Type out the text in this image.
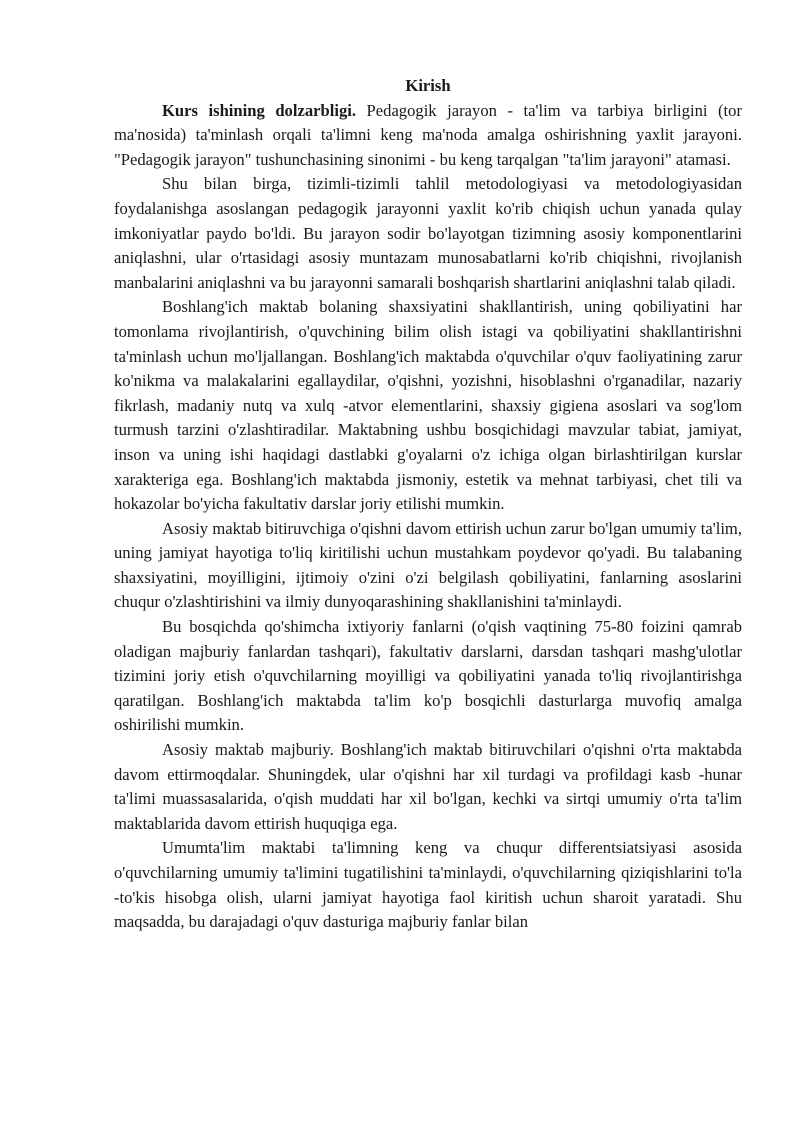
Kirish

Kurs ishining dolzarbligi. Pedagogik jarayon - ta'lim va tarbiya birligini (tor ma'nosida) ta'minlash orqali ta'limni keng ma'noda amalga oshirishning yaxlit jarayoni. "Pedagogik jarayon" tushunchasining sinonimi - bu keng tarqalgan "ta'lim jarayoni" atamasi.

Shu bilan birga, tizimli-tizimli tahlil metodologiyasi va metodologiyasidan foydalanishga asoslangan pedagogik jarayonni yaxlit ko'rib chiqish uchun yanada qulay imkoniyatlar paydo bo'ldi. Bu jarayon sodir bo'layotgan tizimning asosiy komponentlarini aniqlashni, ular o'rtasidagi asosiy muntazam munosabatlarni ko'rib chiqishni, rivojlanish manbalarini aniqlashni va bu jarayonni samarali boshqarish shartlarini aniqlashni talab qiladi.

Boshlang'ich maktab bolaning shaxsiyatini shakllantirish, uning qobiliyatini har tomonlama rivojlantirish, o'quvchining bilim olish istagi va qobiliyatini shakllantirishni ta'minlash uchun mo'ljallangan. Boshlang'ich maktabda o'quvchilar o'quv faoliyatining zarur ko'nikma va malakalarini egallaydilar, o'qishni, yozishni, hisoblashni o'rganadilar, nazariy fikrlash, madaniy nutq va xulq -atvor elementlarini, shaxsiy gigiena asoslari va sog'lom turmush tarzini o'zlashtiradilar. Maktabning ushbu bosqichidagi mavzular tabiat, jamiyat, inson va uning ishi haqidagi dastlabki g'oyalarni o'z ichiga olgan birlashtirilgan kurslar xarakteriga ega. Boshlang'ich maktabda jismoniy, estetik va mehnat tarbiyasi, chet tili va hokazolar bo'yicha fakultativ darslar joriy etilishi mumkin.

Asosiy maktab bitiruvchiga o'qishni davom ettirish uchun zarur bo'lgan umumiy ta'lim, uning jamiyat hayotiga to'liq kiritilishi uchun mustahkam poydevor qo'yadi. Bu talabaning shaxsiyatini, moyilligini, ijtimoiy o'zini o'zi belgilash qobiliyatini, fanlarning asoslarini chuqur o'zlashtirishini va ilmiy dunyoqarashining shakllanishini ta'minlaydi.

Bu bosqichda qo'shimcha ixtiyoriy fanlarni (o'qish vaqtining 75-80 foizini qamrab oladigan majburiy fanlardan tashqari), fakultativ darslarni, darsdan tashqari mashg'ulotlar tizimini joriy etish o'quvchilarning moyilligi va qobiliyatini yanada to'liq rivojlantirishga qaratilgan. Boshlang'ich maktabda ta'lim ko'p bosqichli dasturlarga muvofiq amalga oshirilishi mumkin.

Asosiy maktab majburiy. Boshlang'ich maktab bitiruvchilari o'qishni o'rta maktabda davom ettirmoqdalar. Shuningdek, ular o'qishni har xil turdagi va profildagi kasb -hunar ta'limi muassasalarida, o'qish muddati har xil bo'lgan, kechki va sirtqi umumiy o'rta ta'lim maktablarida davom ettirish huquqiga ega.

Umumta'lim maktabi ta'limning keng va chuqur differentsiatsiyasi asosida o'quvchilarning umumiy ta'limini tugatilishini ta'minlaydi, o'quvchilarning qiziqishlarini to'la -to'kis hisobga olish, ularni jamiyat hayotiga faol kiritish uchun sharoit yaratadi. Shu maqsadda, bu darajadagi o'quv dasturiga majburiy fanlar bilan
